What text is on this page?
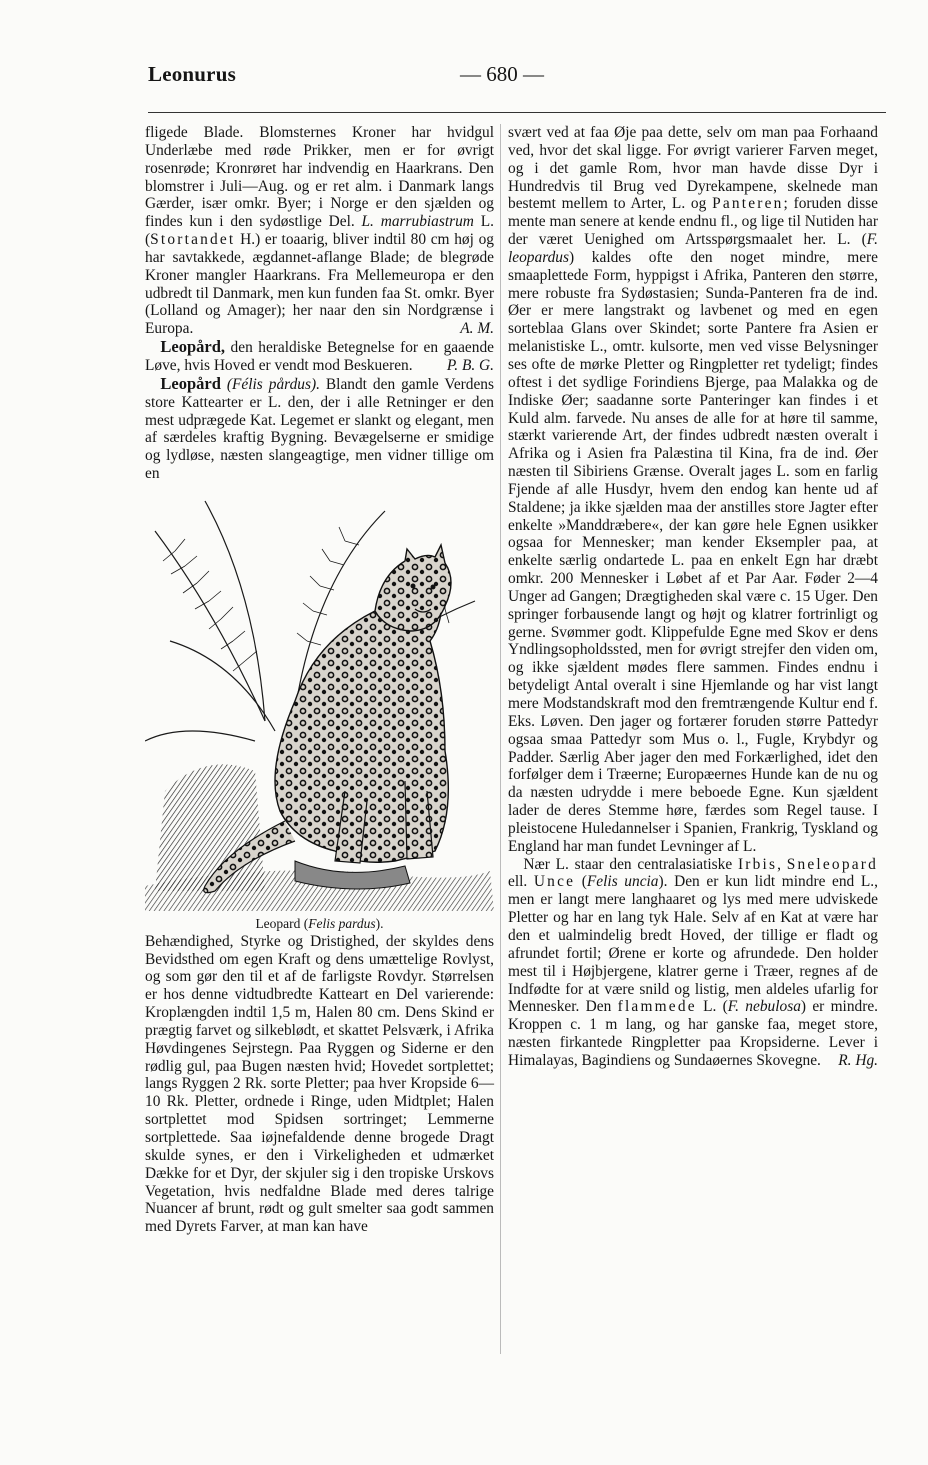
Leonurus	— 680 —

fligede Blade. Blomsternes Kroner har hvidgul Underlæbe med røde Prikker, men er for øvrigt rosenrøde; Kronrøret har indvendig en Haarkrans. Den blomstrer i Juli—Aug. og er ret alm. i Danmark langs Gærder, især omkr. Byer; i Norge er den sjælden og findes kun i den sydøstlige Del. L. marrubiastrum L. (Stortandet H.) er toaarig, bliver indtil 80 cm høj og har savtakkede, ægdannet-aflange Blade; de blegrøde Kroner mangler Haarkrans. Fra Mellemeuropa er den udbredt til Danmark, men kun funden faa St. omkr. Byer (Lolland og Amager); her naar den sin Nordgrænse i Europa.	A. M.

Leopård, den heraldiske Betegnelse for en gaaende Løve, hvis Hoved er vendt mod Beskueren.	P. B. G.

Leopård (Félis pårdus). Blandt den gamle Verdens store Kattearter er L. den, der i alle Retninger er den mest udprægede Kat. Legemet er slankt og elegant, men af særdeles kraftig Bygning. Bevægelserne er smidige og lydløse, næsten slangeagtige, men vidner tillige om en

Leopard (Felis pardus).

Behændighed, Styrke og Dristighed, der skyldes dens Bevidsthed om egen Kraft og dens umættelige Rovlyst, og som gør den til et af de farligste Rovdyr. Størrelsen er hos denne vidtudbredte Katteart en Del varierende: Kroplængden indtil 1,5 m, Halen 80 cm. Dens Skind er prægtig farvet og silkeblødt, et skattet Pelsværk, i Afrika Høvdingenes Sejrstegn. Paa Ryggen og Siderne er den rødlig gul, paa Bugen næsten hvid; Hovedet sortplettet; langs Ryggen 2 Rk. sorte Pletter; paa hver Kropside 6—10 Rk. Pletter, ordnede i Ringe, uden Midtplet; Halen sortplettet mod Spidsen sortringet; Lemmerne sortplettede. Saa iøjnefaldende denne brogede Dragt skulde synes, er den i Virkeligheden et udmærket Dække for et Dyr, der skjuler sig i den tropiske Urskovs Vegetation, hvis nedfaldne Blade med deres talrige Nuancer af brunt, rødt og gult smelter saa godt sammen med Dyrets Farver, at man kan have

svært ved at faa Øje paa dette, selv om man paa Forhaand ved, hvor det skal ligge. For øvrigt varierer Farven meget, og i det gamle Rom, hvor man havde disse Dyr i Hundredvis til Brug ved Dyrekampene, skelnede man bestemt mellem to Arter, L. og Panteren; foruden disse mente man senere at kende endnu fl., og lige til Nutiden har der været Uenighed om Artsspørgsmaalet her. L. (F. leopardus) kaldes ofte den noget mindre, mere smaaplettede Form, hyppigst i Afrika, Panteren den større, mere robuste fra Sydøstasien; Sunda-Panteren fra de ind. Øer er mere langstrakt og lavbenet og med en egen sorteblaa Glans over Skindet; sorte Pantere fra Asien er melanistiske L., omtr. kulsorte, men ved visse Belysninger ses ofte de mørke Pletter og Ringpletter ret tydeligt; findes oftest i det sydlige Forindiens Bjerge, paa Malakka og de Indiske Øer; saadanne sorte Panteringer kan findes i et Kuld alm. farvede. Nu anses de alle for at høre til samme, stærkt varierende Art, der findes udbredt næsten overalt i Afrika og i Asien fra Palæstina til Kina, fra de ind. Øer næsten til Sibiriens Grænse. Overalt jages L. som en farlig Fjende af alle Husdyr, hvem den endog kan hente ud af Staldene; ja ikke sjælden maa der anstilles store Jagter efter enkelte »Manddræbere«, der kan gøre hele Egnen usikker ogsaa for Mennesker; man kender Eksempler paa, at enkelte særlig ondartede L. paa en enkelt Egn har dræbt omkr. 200 Mennesker i Løbet af et Par Aar. Føder 2—4 Unger ad Gangen; Drægtigheden skal være c. 15 Uger. Den springer forbausende langt og højt og klatrer fortrinligt og gerne. Svømmer godt. Klippefulde Egne med Skov er dens Yndlingsopholdssted, men for øvrigt strejfer den viden om, og ikke sjældent mødes flere sammen. Findes endnu i betydeligt Antal overalt i sine Hjemlande og har vist langt mere Modstandskraft mod den fremtrængende Kultur end f. Eks. Løven. Den jager og fortærer foruden større Pattedyr ogsaa smaa Pattedyr som Mus o. l., Fugle, Krybdyr og Padder. Særlig Aber jager den med Forkærlighed, idet den forfølger dem i Træerne; Europæernes Hunde kan de nu og da næsten udrydde i mere beboede Egne. Kun sjældent lader de deres Stemme høre, færdes som Regel tause. I pleistocene Huledannelser i Spanien, Frankrig, Tyskland og England har man fundet Levninger af L.

Nær L. staar den centralasiatiske Irbis, Sneleopard ell. Unce (Felis uncia). Den er kun lidt mindre end L., men er langt mere langhaaret og lys med mere udviskede Pletter og har en lang tyk Hale. Selv af en Kat at være har den et ualmindelig bredt Hoved, der tillige er fladt og afrundet fortil; Ørene er korte og afrundede. Den holder mest til i Højbjergene, klatrer gerne i Træer, regnes af de Indfødte for at være snild og listig, men aldeles ufarlig for Mennesker. Den flammede L. (F. nebulosa) er mindre. Kroppen c. 1 m lang, og har ganske faa, meget store, næsten firkantede Ringpletter paa Kropsiderne. Lever i Himalayas, Bagindiens og Sundaøernes Skovegne.	R. Hg.
